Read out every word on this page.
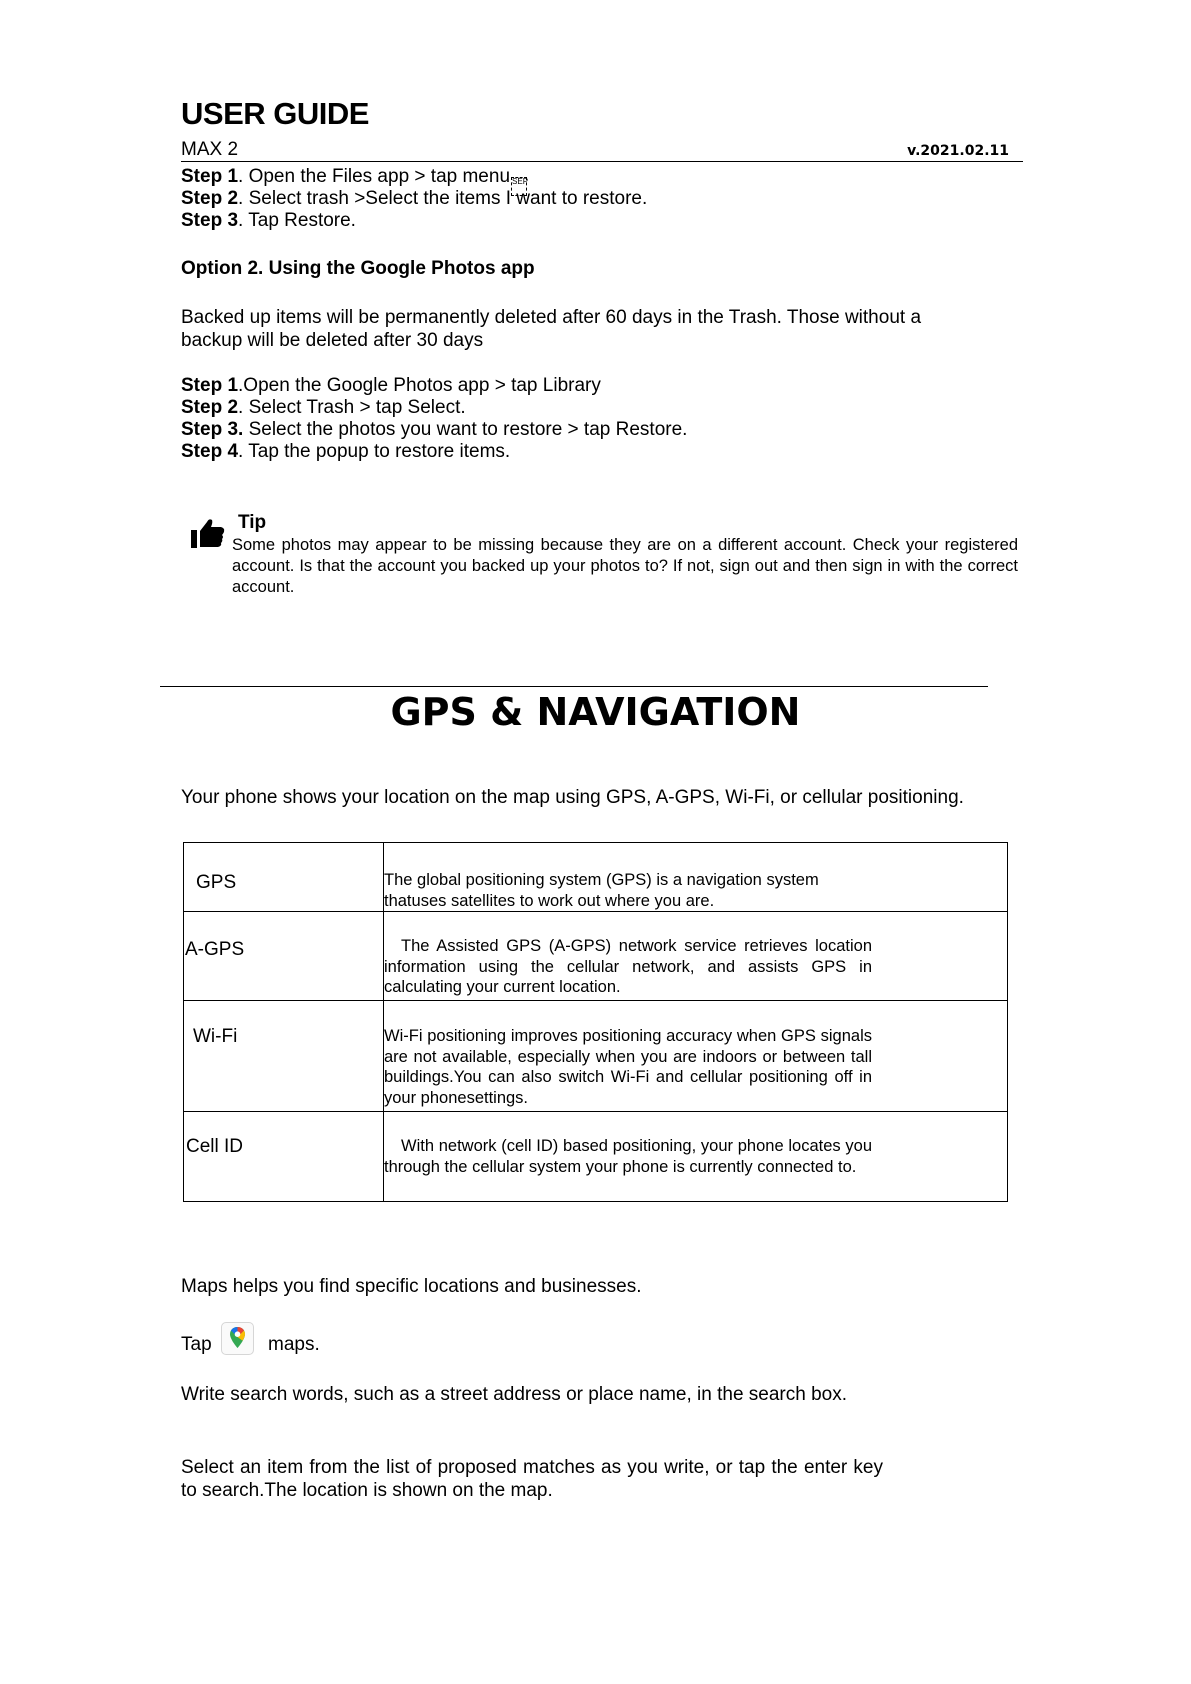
USER GUIDE
MAX 2	v.2021.02.11
Step 1. Open the Files app > tap menu SEP
Step 2. Select trash >Select the items I want to restore.
Step 3. Tap Restore.
Option 2. Using the Google Photos app
Backed up items will be permanently deleted after 60 days in the Trash. Those without a backup will be deleted after 30 days
Step 1.Open the Google Photos app > tap Library
Step 2. Select Trash > tap Select.
Step 3. Select the photos you want to restore > tap Restore.
Step 4. Tap the popup to restore items.
Tip
Some photos may appear to be missing because they are on a different account. Check your registered account. Is that the account you backed up your photos to? If not, sign out and then sign in with the correct account.
GPS & NAVIGATION
Your phone shows your location on the map using GPS, A-GPS, Wi-Fi, or cellular positioning.
GPS	The global positioning system (GPS) is a navigation system thatuses satellites to work out where you are.

A-GPS	The Assisted GPS (A-GPS) network service retrieves location information using the cellular network, and assists GPS in calculating your current location.

Wi-Fi	Wi-Fi positioning improves positioning accuracy when GPS signals are not available, especially when you are indoors or between tall buildings.You can also switch Wi-Fi and cellular positioning off in your phonesettings.

Cell ID	With network (cell ID) based positioning, your phone locates you through the cellular system your phone is currently connected to.
Maps helps you find specific locations and businesses.
Tap	maps.
Write search words, such as a street address or place name, in the search box.
Select an item from the list of proposed matches as you write, or tap the enter key to search.The location is shown on the map.
